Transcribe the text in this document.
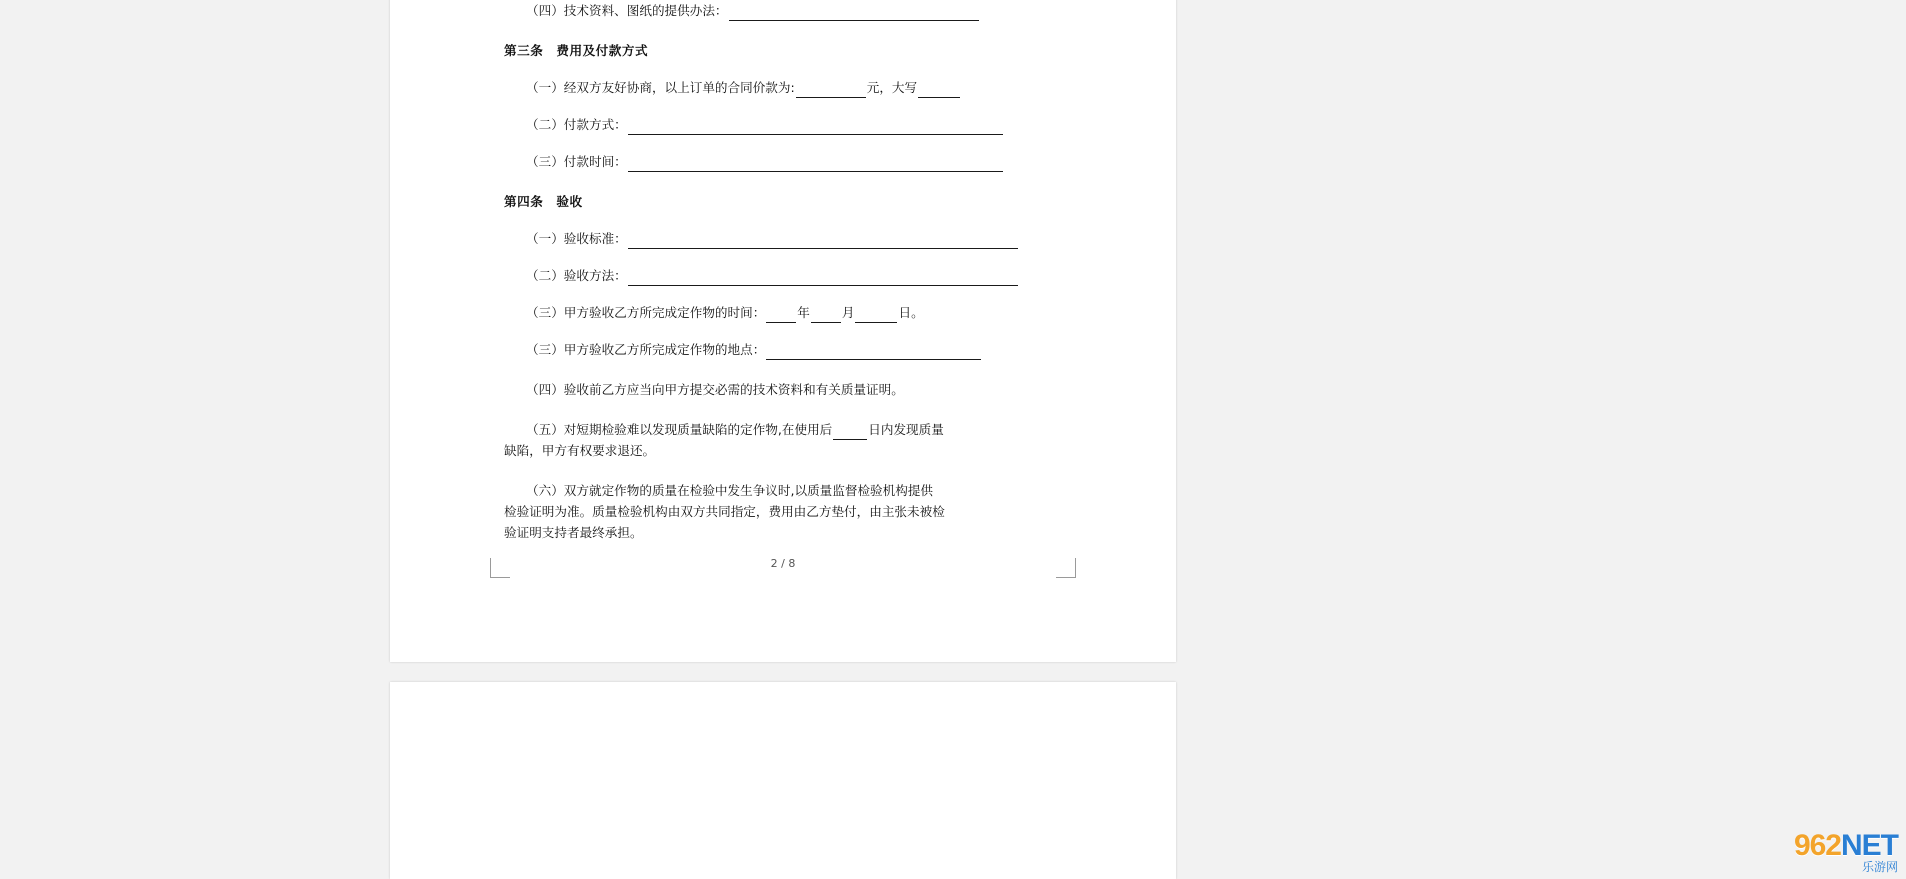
（四）技术资料、图纸的提供办法：
第三条　费用及付款方式
（一）经双方友好协商，以上订单的合同价款为:	元，大写
（二）付款方式：
（三）付款时间：
第四条　验收
（一）验收标准：
（二）验收方法：
（三）甲方验收乙方所完成定作物的时间：	年	月	日。
（三）甲方验收乙方所完成定作物的地点：
（四）验收前乙方应当向甲方提交必需的技术资料和有关质量证明。
（五）对短期检验难以发现质量缺陷的定作物,在使用后	日内发现质量
缺陷，甲方有权要求退还。
（六）双方就定作物的质量在检验中发生争议时,以质量监督检验机构提供
检验证明为准。质量检验机构由双方共同指定，费用由乙方垫付，由主张未被检
验证明支持者最终承担。
2 / 8
962 NET
乐游网
